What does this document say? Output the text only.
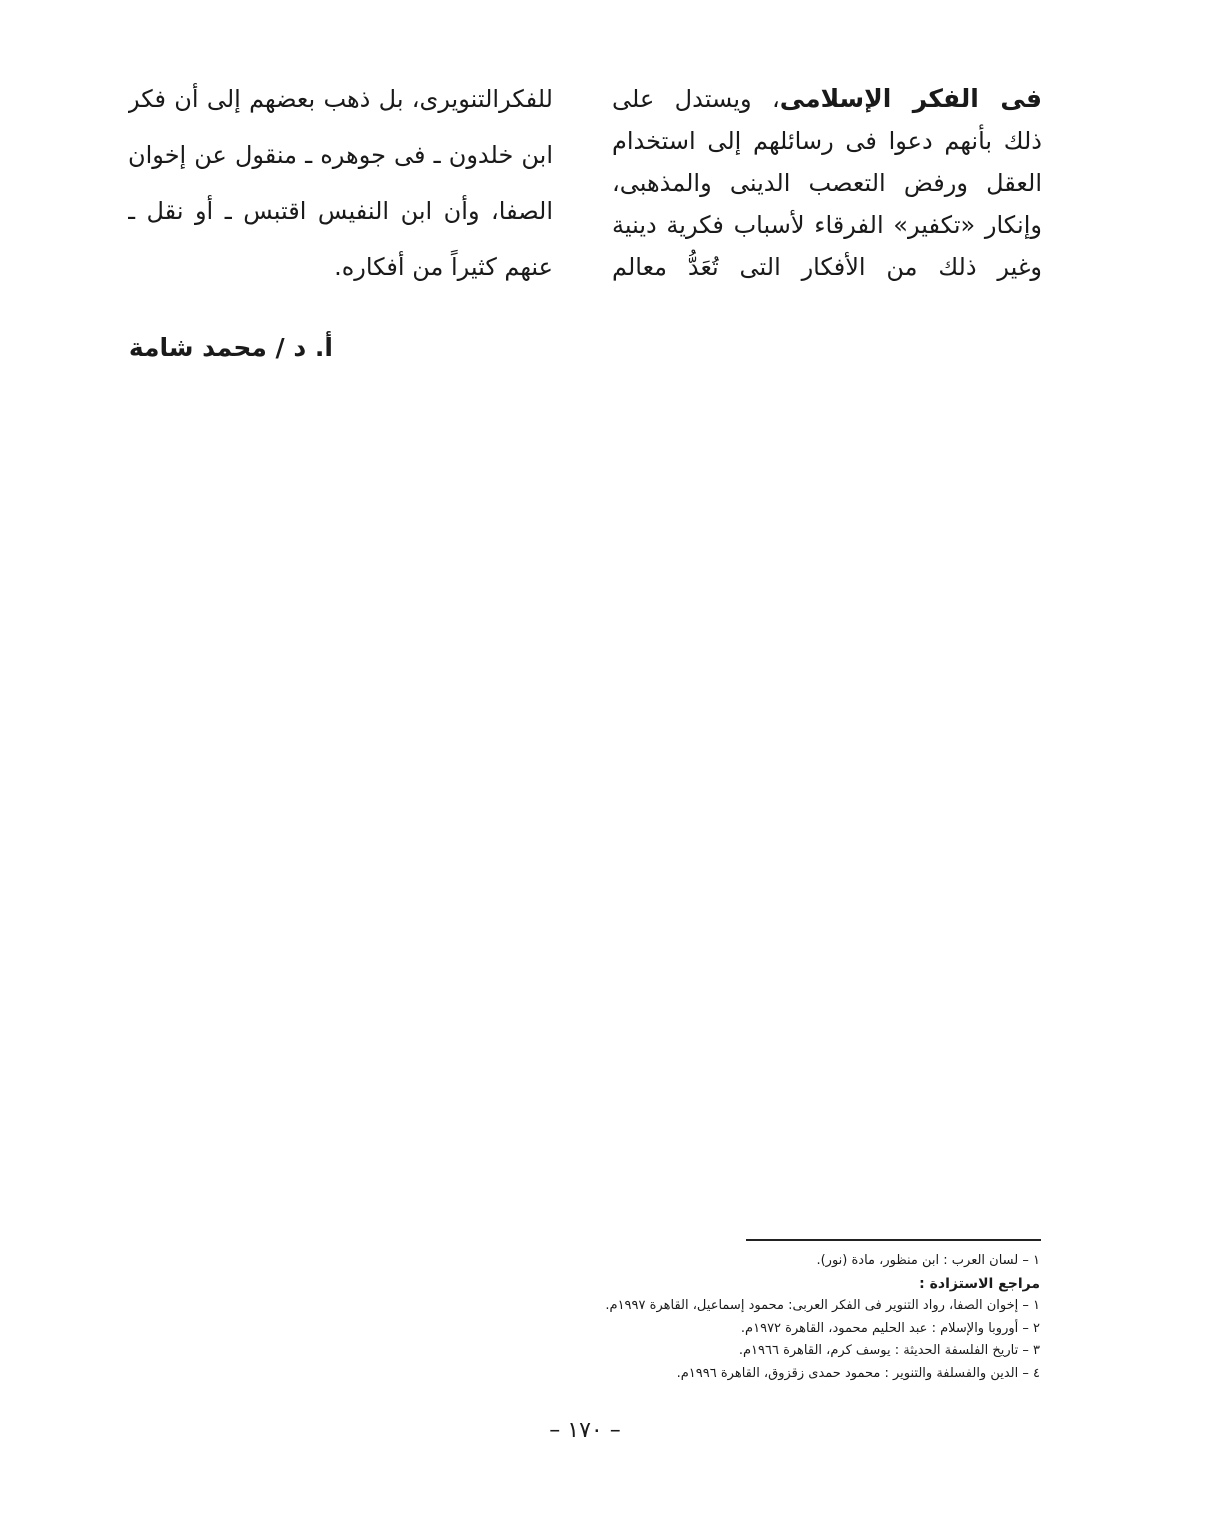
فى الفكر الإسلامى، ويستدل على
ذلك بأنهم دعوا فى رسائلهم إلى استخدام
العقل ورفض التعصب الدينى والمذهبى،
وإنكار «تكفير» الفرقاء لأسباب فكرية دينية
وغير ذلك من الأفكار التى تُعَدُّ معالم
للفكرالتنويرى، بل ذهب بعضهم إلى أن فكر
ابن خلدون ـ فى جوهره ـ منقول عن إخوان
الصفا، وأن ابن النفيس اقتبس ـ أو نقل ـ
عنهم كثيراً من أفكاره.
أ. د / محمد شامة
١ – لسان العرب : ابن منظور، مادة (نور).
مراجع الاستزادة :
١ – إخوان الصفا، رواد التنوير فى الفكر العربى: محمود إسماعيل، القاهرة ١٩٩٧م.
٢ – أوروبا والإسلام : عبد الحليم محمود، القاهرة ١٩٧٢م.
٣ – تاريخ الفلسفة الحديثة : يوسف كرم، القاهرة ١٩٦٦م.
٤ – الدين والفسلفة والتنوير : محمود حمدى زقزوق، القاهرة ١٩٩٦م.
– ١٧٠ –
